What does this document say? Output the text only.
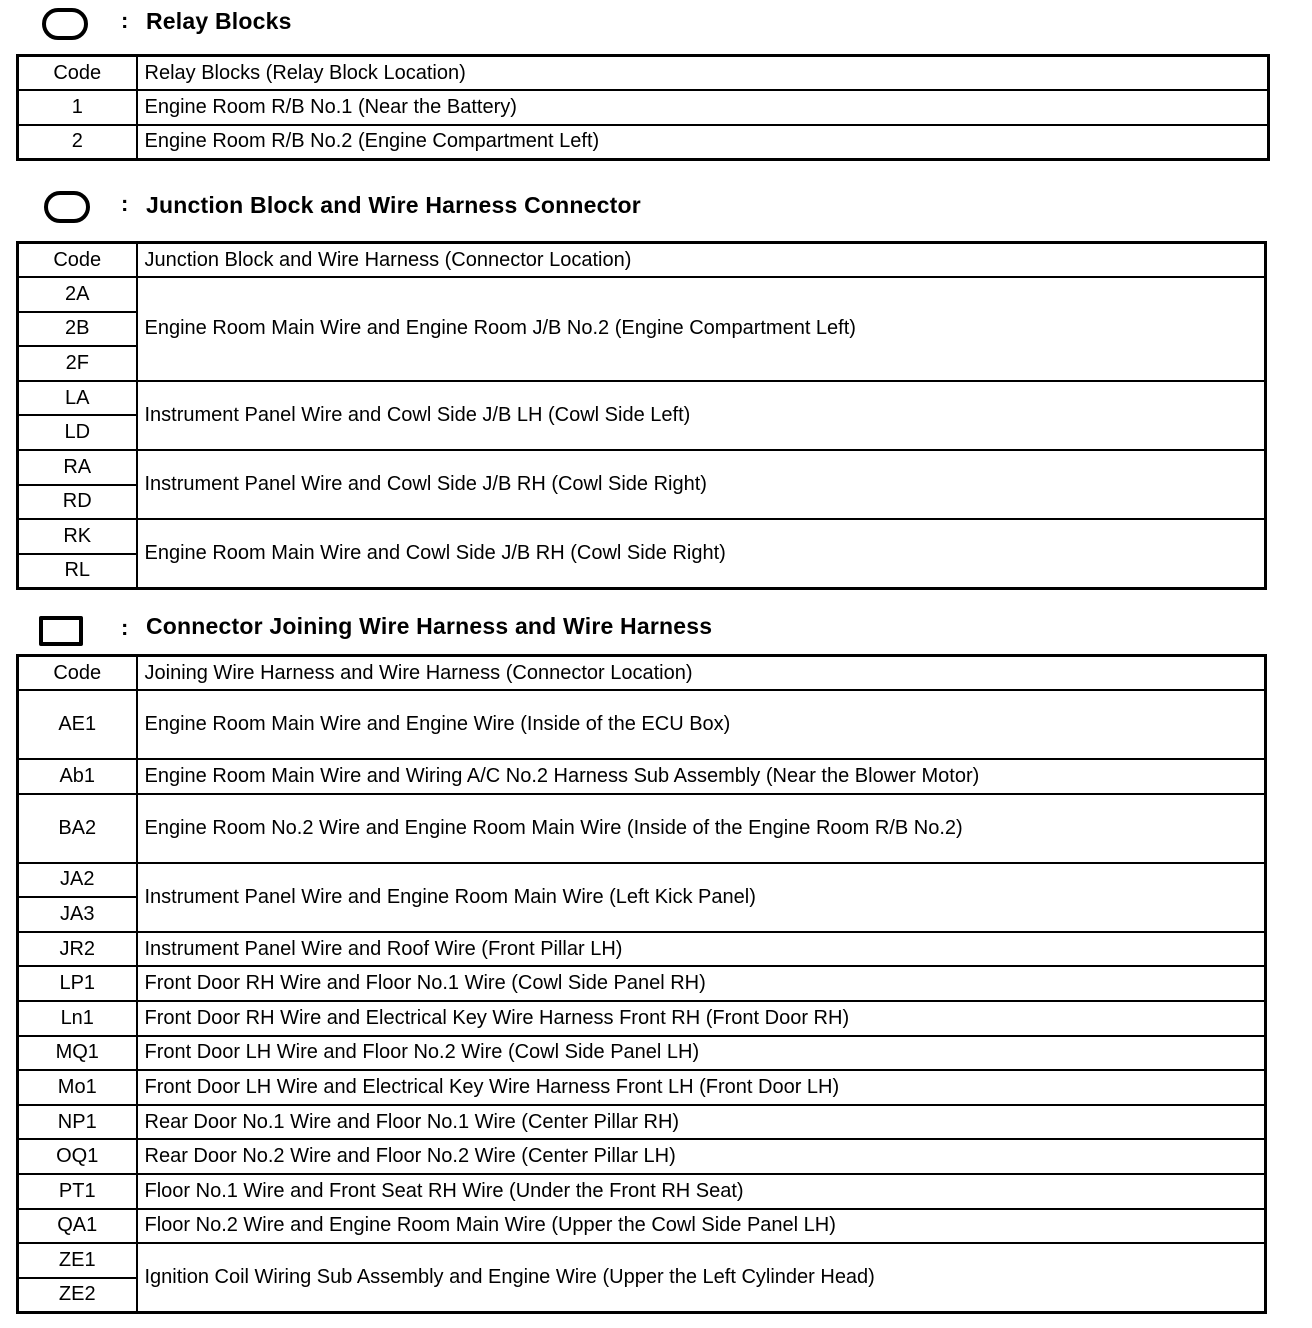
: Relay Blocks
Code	Relay Blocks (Relay Block Location)
1	Engine Room R/B No.1 (Near the Battery)
2	Engine Room R/B No.2 (Engine Compartment Left)
: Junction Block and Wire Harness Connector
Code	Junction Block and Wire Harness (Connector Location)
2A	Engine Room Main Wire and Engine Room J/B No.2 (Engine Compartment Left)
2B	
2F	
LA	Instrument Panel Wire and Cowl Side J/B LH (Cowl Side Left)
LD	
RA	Instrument Panel Wire and Cowl Side J/B RH (Cowl Side Right)
RD	
RK	Engine Room Main Wire and Cowl Side J/B RH (Cowl Side Right)
RL	
: Connector Joining Wire Harness and Wire Harness
Code	Joining Wire Harness and Wire Harness (Connector Location)
AE1	Engine Room Main Wire and Engine Wire (Inside of the ECU Box)
Ab1	Engine Room Main Wire and Wiring A/C No.2 Harness Sub Assembly (Near the Blower Motor)
BA2	Engine Room No.2 Wire and Engine Room Main Wire (Inside of the Engine Room R/B No.2)
JA2	Instrument Panel Wire and Engine Room Main Wire (Left Kick Panel)
JA3	
JR2	Instrument Panel Wire and Roof Wire (Front Pillar LH)
LP1	Front Door RH Wire and Floor No.1 Wire (Cowl Side Panel RH)
Ln1	Front Door RH Wire and Electrical Key Wire Harness Front RH (Front Door RH)
MQ1	Front Door LH Wire and Floor No.2 Wire (Cowl Side Panel LH)
Mo1	Front Door LH Wire and Electrical Key Wire Harness Front LH (Front Door LH)
NP1	Rear Door No.1 Wire and Floor No.1 Wire (Center Pillar RH)
OQ1	Rear Door No.2 Wire and Floor No.2 Wire (Center Pillar LH)
PT1	Floor No.1 Wire and Front Seat RH Wire (Under the Front RH Seat)
QA1	Floor No.2 Wire and Engine Room Main Wire (Upper the Cowl Side Panel LH)
ZE1	Ignition Coil Wiring Sub Assembly and Engine Wire (Upper the Left Cylinder Head)
ZE2	
